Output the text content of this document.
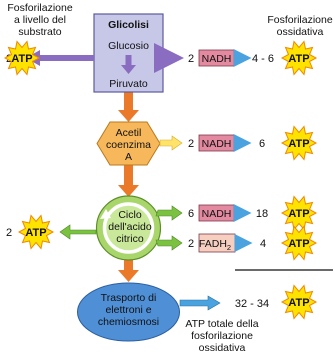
Fosforilazione
a livello del
substrato
Fosforilazione
ossidativa
Glicolisi
Glucosio
Piruvato
ATP	2 NADH 4 - 6 ATP
Acetil
coenzima
A
2 NADH	6 ATP
Ciclo
dell'acido
citrico
2 ATP
6 NADH 18 ATP
2 $FADH_2$	4 ATP
Trasporto di
elettroni e
chemiosmosi
32 - 34 ATP
ATP totale della
fosforilazione
ossidativa
